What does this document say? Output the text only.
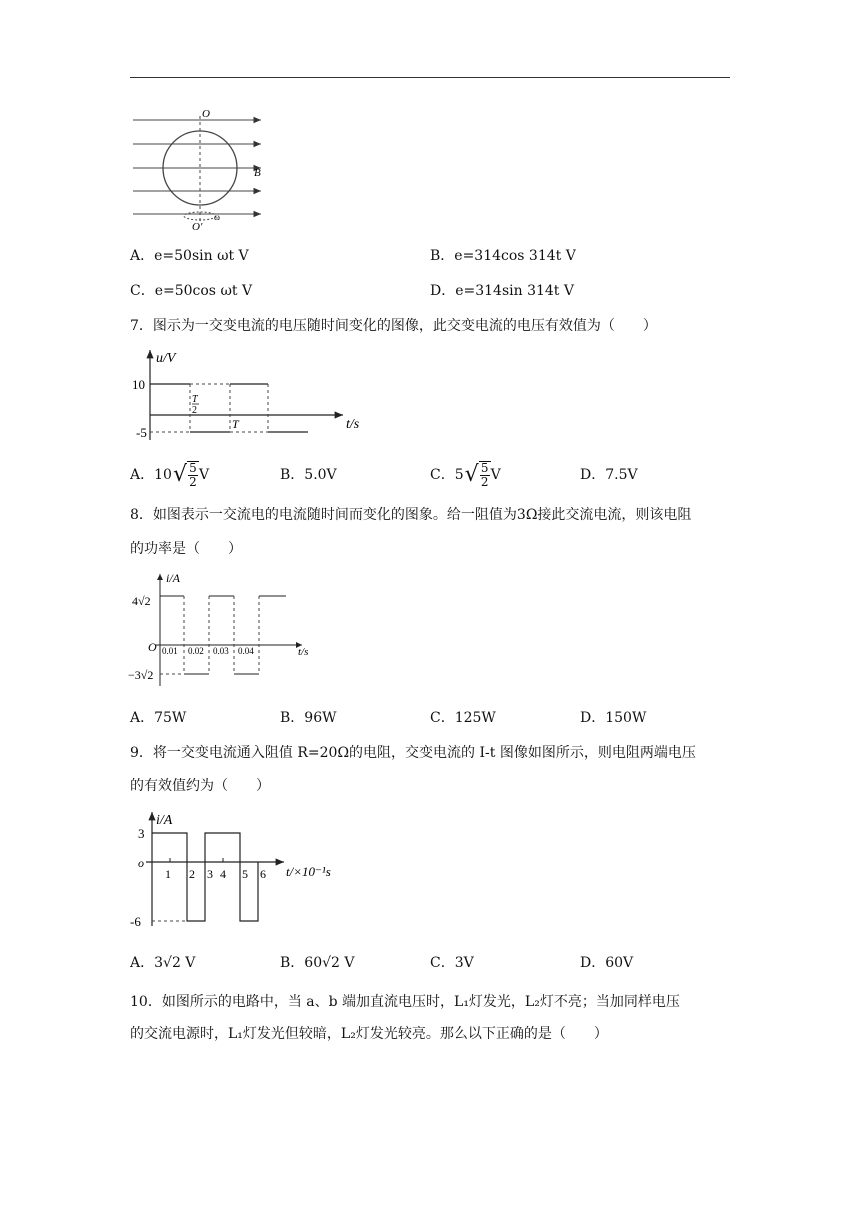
O
O′
B
ω
A．e=50sin ωt V	B．e=314cos 314t V
C．e=50cos ωt V	D．e=314sin 314t V
7．图示为一交变电流的电压随时间变化的图像，此交变电流的电压有效值为（　　）
u/V
10
-5
T
2
T	t/s
A．10 √ $\frac{5}{2}$ V	B．5.0V	C．5 √ $\frac{5}{2}$ V	D．7.5V
8．如图表示一交流电的电流随时间而变化的图象。给一阻值为3Ω接此交流电流，则该电阻
的功率是（　　）
i/A
4√2
−3√2
O 0.01 0.02 0.03 0.04	t/s
A．75W	B．96W	C．125W	D．150W
9．将一交变电流通入阻值 R=20Ω的电阻，交变电流的 I-t 图像如图所示，则电阻两端电压
的有效值约为（　　）
i/A
3
o
-6
1 2 3 4 5 6 t/×10⁻¹s
A．3√2 V	B．60√2 V	C．3V	D．60V
10．如图所示的电路中，当 a、b 端加直流电压时，L₁灯发光，L₂灯不亮；当加同样电压
的交流电源时，L₁灯发光但较暗，L₂灯发光较亮。那么以下正确的是（　　）
